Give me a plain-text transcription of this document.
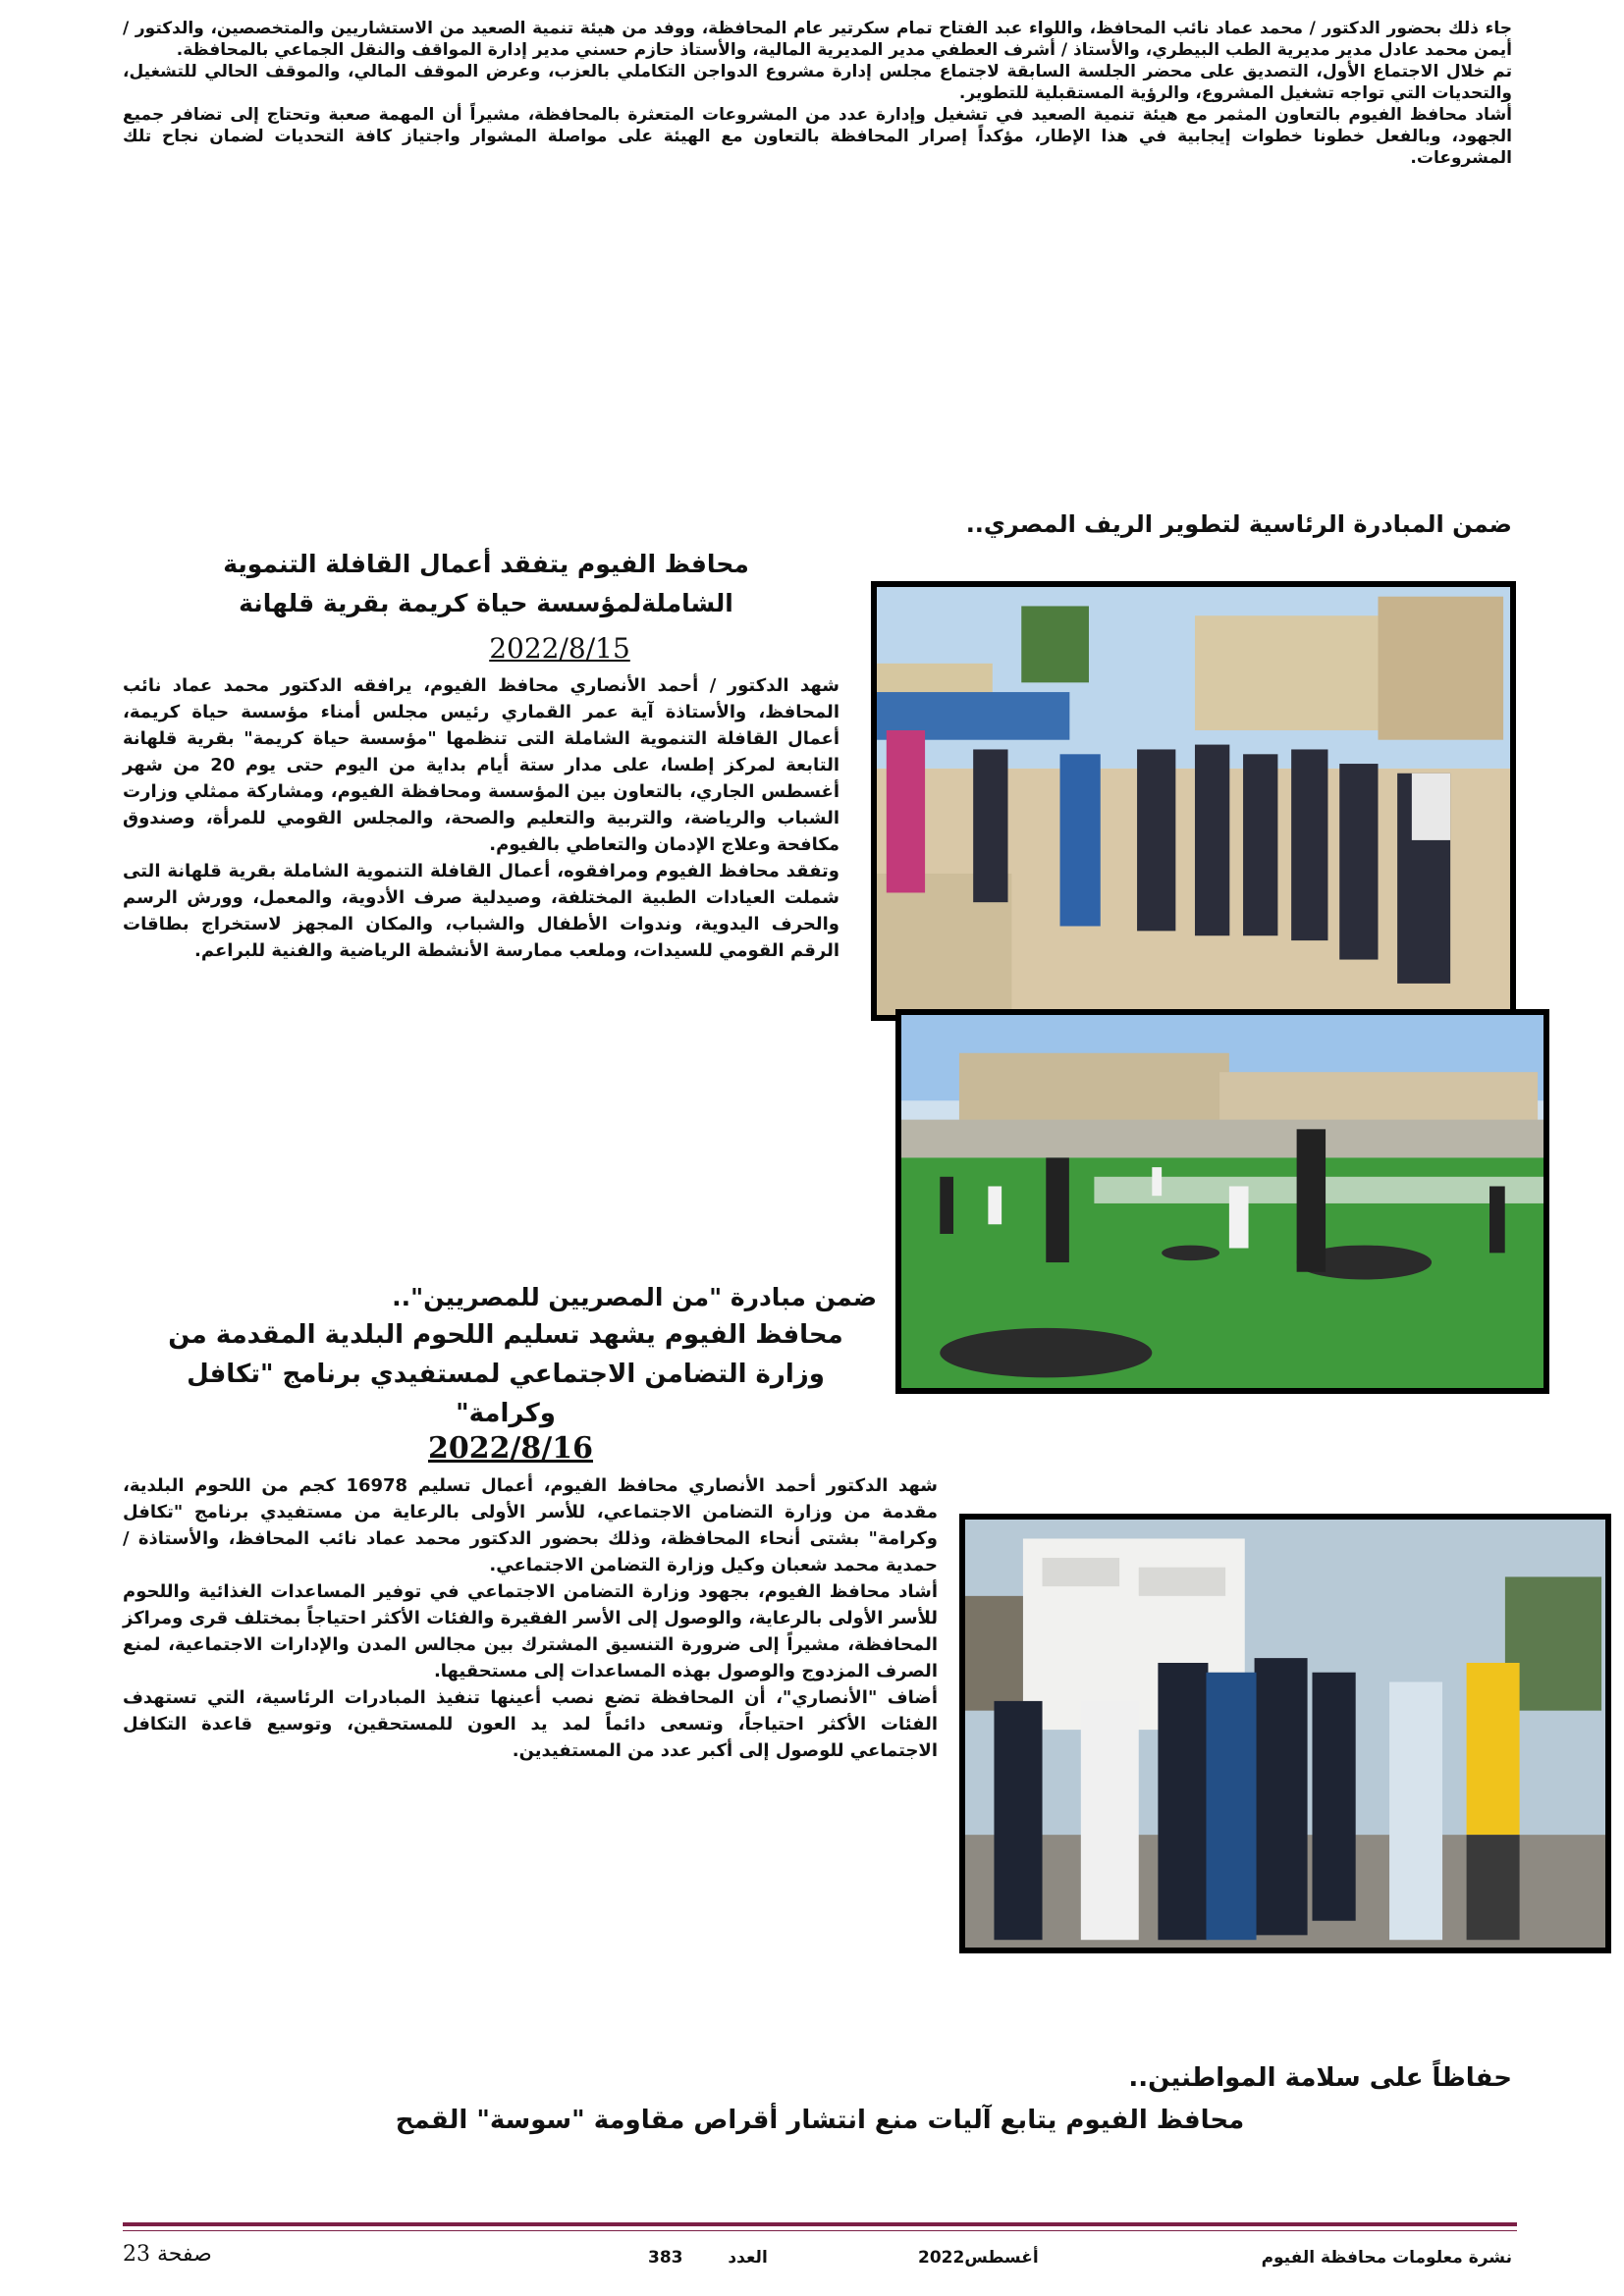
جاء ذلك بحضور الدكتور / محمد عماد نائب المحافظ، واللواء عبد الفتاح تمام سكرتير عام المحافظة، ووفد من هيئة تنمية الصعيد من الاستشاريين والمتخصصين، والدكتور / أيمن محمد عادل مدير مديرية الطب البيطري، والأستاذ / أشرف العطفي مدير المديرية المالية، والأستاذ حازم حسني مدير إدارة المواقف والنقل الجماعي بالمحافظة.

تم خلال الاجتماع الأول، التصديق على محضر الجلسة السابقة لاجتماع مجلس إدارة مشروع الدواجن التكاملي بالعزب، وعرض الموقف المالي، والموقف الحالي للتشغيل، والتحديات التي تواجه تشغيل المشروع، والرؤية المستقبلية للتطوير.

أشاد محافظ الفيوم بالتعاون المثمر مع هيئة تنمية الصعيد في تشغيل وإدارة عدد من المشروعات المتعثرة بالمحافظة، مشيراً أن المهمة صعبة وتحتاج إلى تضافر جميع الجهود، وبالفعل خطونا خطوات إيجابية في هذا الإطار، مؤكداً إصرار المحافظة بالتعاون مع الهيئة على مواصلة المشوار واجتياز كافة التحديات لضمان نجاح تلك المشروعات.

ضمن المبادرة الرئاسية لتطوير الريف المصري..
محافظ الفيوم يتفقد أعمال القافلة التنموية الشاملةلمؤسسة حياة كريمة بقرية قلهانة
2022/8/15

شهد الدكتور / أحمد الأنصاري محافظ الفيوم، يرافقه الدكتور محمد عماد نائب المحافظ، والأستاذة آية عمر القماري رئيس مجلس أمناء مؤسسة حياة كريمة، أعمال القافلة التنموية الشاملة التى تنظمها "مؤسسة حياة كريمة" بقرية قلهانة التابعة لمركز إطسا، على مدار ستة أيام بداية من اليوم حتى يوم 20 من شهر أغسطس الجاري، بالتعاون بين المؤسسة ومحافظة الفيوم، ومشاركة ممثلي وزارت الشباب والرياضة، والتربية والتعليم والصحة، والمجلس القومي للمرأة، وصندوق مكافحة وعلاج الإدمان والتعاطي بالفيوم.

وتفقد محافظ الفيوم ومرافقوه، أعمال القافلة التنموية الشاملة بقرية قلهانة التى شملت العيادات الطبية المختلفة، وصيدلية صرف الأدوية، والمعمل، وورش الرسم والحرف اليدوية، وندوات الأطفال والشباب، والمكان المجهز لاستخراج بطاقات الرقم القومي للسيدات، وملعب ممارسة الأنشطة الرياضية والفنية للبراعم.

ضمن مبادرة "من المصريين للمصريين"..
محافظ الفيوم يشهد تسليم اللحوم البلدية المقدمة من وزارة التضامن الاجتماعي لمستفيدي برنامج "تكافل وكرامة"
2022/8/16

شهد الدكتور أحمد الأنصاري محافظ الفيوم، أعمال تسليم 16978 كجم من اللحوم البلدية، مقدمة من وزارة التضامن الاجتماعي، للأسر الأولى بالرعاية من مستفيدي برنامج "تكافل وكرامة" بشتى أنحاء المحافظة، وذلك بحضور الدكتور محمد عماد نائب المحافظ، والأستاذة / حمدية محمد شعبان وكيل وزارة التضامن الاجتماعي.

أشاد محافظ الفيوم، بجهود وزارة التضامن الاجتماعي في توفير المساعدات الغذائية واللحوم للأسر الأولى بالرعاية، والوصول إلى الأسر الفقيرة والفئات الأكثر احتياجاً بمختلف قرى ومراكز المحافظة، مشيراً إلى ضرورة التنسيق المشترك بين مجالس المدن والإدارات الاجتماعية، لمنع الصرف المزدوج والوصول بهذه المساعدات إلى مستحقيها.

أضاف "الأنصاري"، أن المحافظة تضع نصب أعينها تنفيذ المبادرات الرئاسية، التي تستهدف الفئات الأكثر احتياجاً، وتسعى دائماً لمد يد العون للمستحقين، وتوسيع قاعدة التكافل الاجتماعي للوصول إلى أكبر عدد من المستفيدين.

حفاظاً على سلامة المواطنين..
محافظ الفيوم يتابع آليات منع انتشار أقراص مقاومة "سوسة" القمح
نشرة معلومات محافظة الفيوم
أغسطس2022
العدد 383
صفحة 23
